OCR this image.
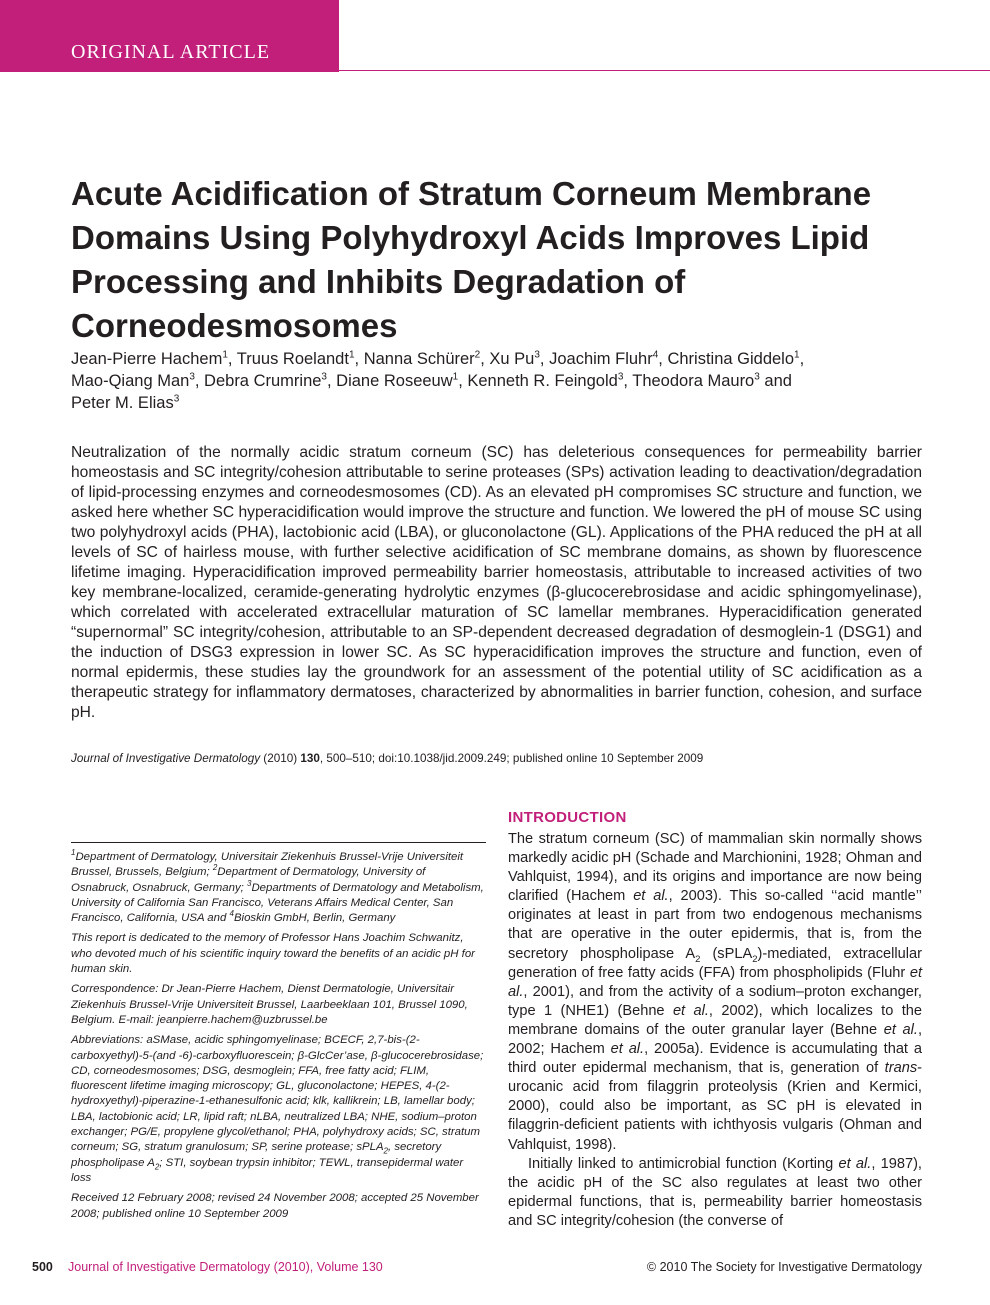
ORIGINAL ARTICLE
Acute Acidification of Stratum Corneum Membrane Domains Using Polyhydroxyl Acids Improves Lipid Processing and Inhibits Degradation of Corneodesmosomes
Jean-Pierre Hachem$^1$, Truus Roelandt$^1$, Nanna Schürer$^2$, Xu Pu$^3$, Joachim Fluhr$^4$, Christina Giddelo$^1$,
Mao-Qiang Man$^3$, Debra Crumrine$^3$, Diane Roseeuw$^1$, Kenneth R. Feingold$^3$, Theodora Mauro$^3$ and
Peter M. Elias$^3$

Neutralization of the normally acidic stratum corneum (SC) has deleterious consequences for permeability barrier homeostasis and SC integrity/cohesion attributable to serine proteases (SPs) activation leading to deactivation/degradation of lipid-processing enzymes and corneodesmosomes (CD). As an elevated pH compromises SC structure and function, we asked here whether SC hyperacidification would improve the structure and function. We lowered the pH of mouse SC using two polyhydroxyl acids (PHA), lactobionic acid (LBA), or gluconolactone (GL). Applications of the PHA reduced the pH at all levels of SC of hairless mouse, with further selective acidification of SC membrane domains, as shown by fluorescence lifetime imaging. Hyperacidification improved permeability barrier homeostasis, attributable to increased activities of two key membrane-localized, ceramide-generating hydrolytic enzymes (β-glucocerebrosidase and acidic sphingomyelinase), which correlated with accelerated extracellular maturation of SC lamellar membranes. Hyperacidification generated “supernormal” SC integrity/cohesion, attributable to an SP-dependent decreased degradation of desmoglein-1 (DSG1) and the induction of DSG3 expression in lower SC. As SC hyperacidification improves the structure and function, even of normal epidermis, these studies lay the groundwork for an assessment of the potential utility of SC acidification as a therapeutic strategy for inflammatory dermatoses, characterized by abnormalities in barrier function, cohesion, and surface pH.

Journal of Investigative Dermatology (2010) 130, 500–510; doi:10.1038/jid.2009.249; published online 10 September 2009

$^1$Department of Dermatology, Universitair Ziekenhuis Brussel-Vrije Universiteit Brussel, Brussels, Belgium; $^2$Department of Dermatology, University of Osnabruck, Osnabruck, Germany; $^3$Departments of Dermatology and Metabolism, University of California San Francisco, Veterans Affairs Medical Center, San Francisco, California, USA and $^4$Bioskin GmbH, Berlin, Germany

This report is dedicated to the memory of Professor Hans Joachim Schwanitz, who devoted much of his scientific inquiry toward the benefits of an acidic pH for human skin.

Correspondence: Dr Jean-Pierre Hachem, Dienst Dermatologie, Universitair Ziekenhuis Brussel-Vrije Universiteit Brussel, Laarbeeklaan 101, Brussel 1090, Belgium. E-mail: jeanpierre.hachem@uzbrussel.be

Abbreviations: aSMase, acidic sphingomyelinase; BCECF, 2,7-bis-(2-carboxyethyl)-5-(and -6)-carboxyfluorescein; β-GlcCer’ase, β-glucocerebrosidase; CD, corneodesmosomes; DSG, desmoglein; FFA, free fatty acid; FLIM, fluorescent lifetime imaging microscopy; GL, gluconolactone; HEPES, 4-(2-hydroxyethyl)-piperazine-1-ethanesulfonic acid; klk, kallikrein; LB, lamellar body; LBA, lactobionic acid; LR, lipid raft; nLBA, neutralized LBA; NHE, sodium–proton exchanger; PG/E, propylene glycol/ethanol; PHA, polyhydroxy acids; SC, stratum corneum; SG, stratum granulosum; SP, serine protease; sPLA$_2$, secretory phospholipase $A_2$; STI, soybean trypsin inhibitor; TEWL, transepidermal water loss

Received 12 February 2008; revised 24 November 2008; accepted 25 November 2008; published online 10 September 2009

INTRODUCTION

The stratum corneum (SC) of mammalian skin normally shows markedly acidic pH (Schade and Marchionini, 1928; Ohman and Vahlquist, 1994), and its origins and importance are now being clarified (Hachem et al., 2003). This so-called ‘‘acid mantle’’ originates at least in part from two endogenous mechanisms that are operative in the outer epidermis, that is, from the secretory phospholipase $A_2$ (sPLA$_2$)-mediated, extracellular generation of free fatty acids (FFA) from phospholipids (Fluhr et al., 2001), and from the activity of a sodium–proton exchanger, type 1 (NHE1) (Behne et al., 2002), which localizes to the membrane domains of the outer granular layer (Behne et al., 2002; Hachem et al., 2005a). Evidence is accumulating that a third outer epidermal mechanism, that is, generation of trans-urocanic acid from filaggrin proteolysis (Krien and Kermici, 2000), could also be important, as SC pH is elevated in filaggrin-deficient patients with ichthyosis vulgaris (Ohman and Vahlquist, 1998).

Initially linked to antimicrobial function (Korting et al., 1987), the acidic pH of the SC also regulates at least two other epidermal functions, that is, permeability barrier homeostasis and SC integrity/cohesion (the converse of

500 Journal of Investigative Dermatology (2010), Volume 130	© 2010 The Society for Investigative Dermatology
